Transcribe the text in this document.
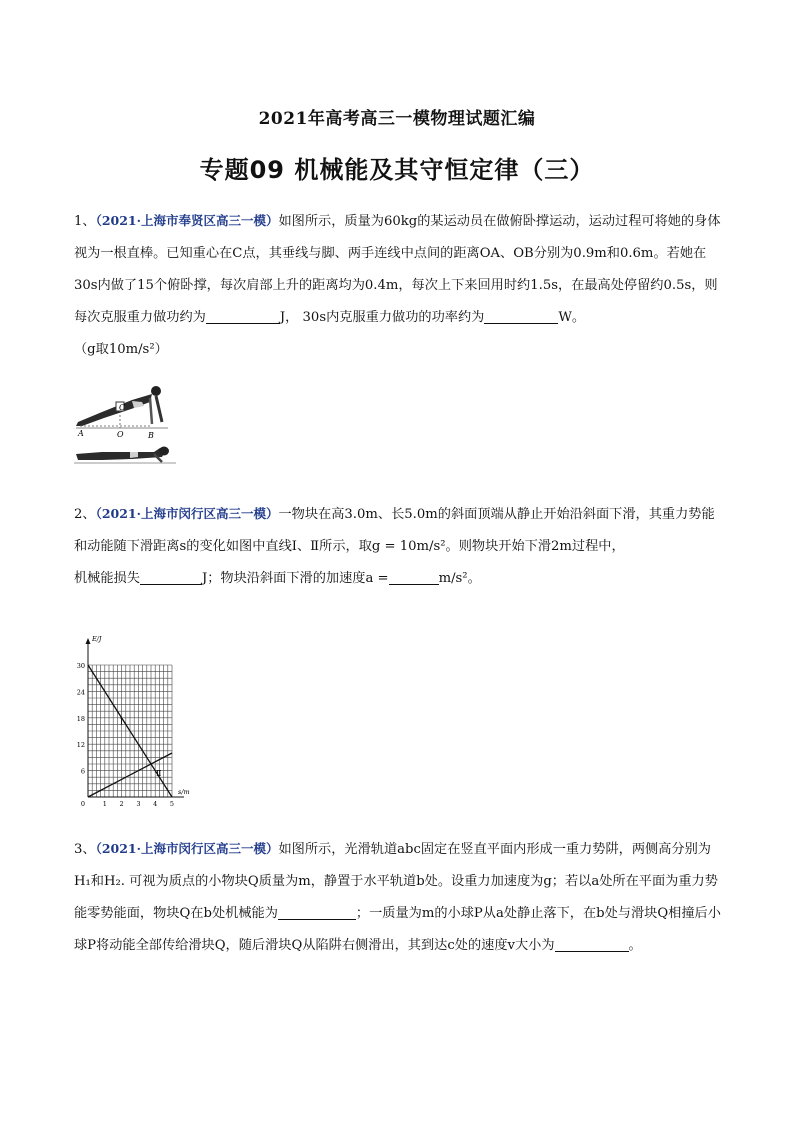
2021年高考高三一模物理试题汇编
专题09 机械能及其守恒定律（三）
1、（2021·上海市奉贤区高三一模）如图所示，质量为60kg的某运动员在做俯卧撑运动，运动过程可将她的身体视为一根直棒。已知重心在C点，其垂线与脚、两手连线中点间的距离OA、OB分别为0.9m和0.6m。若她在30s内做了15个俯卧撑，每次肩部上升的距离均为0.4m，每次上下来回用时约1.5s，在最高处停留约0.5s，则每次克服重力做功约为	J， 30s内克服重力做功的功率约为	W。
（g取10m/s²）
C
A	O	B
2、（2021·上海市闵行区高三一模）一物块在高3.0m、长5.0m的斜面顶端从静止开始沿斜面下滑，其重力势能和动能随下滑距离s的变化如图中直线Ⅰ、Ⅱ所示，取g = 10m/s²。则物块开始下滑2m过程中，
机械能损失	J；物块沿斜面下滑的加速度a =	m/s²。
Ⅰ
Ⅱ
6
12
18
24
30
1 2 3 4 5
0
E/J
s/m
3、（2021·上海市闵行区高三一模）如图所示，光滑轨道abc固定在竖直平面内形成一重力势阱，两侧高分别为H₁和H₂. 可视为质点的小物块Q质量为m，静置于水平轨道b处。设重力加速度为g；若以a处所在平面为重力势能零势能面，物块Q在b处机械能为	；一质量为m的小球P从a处静止落下，在b处与滑块Q相撞后小球P将动能全部传给滑块Q，随后滑块Q从陷阱右侧滑出，其到达c处的速度v大小为	。
